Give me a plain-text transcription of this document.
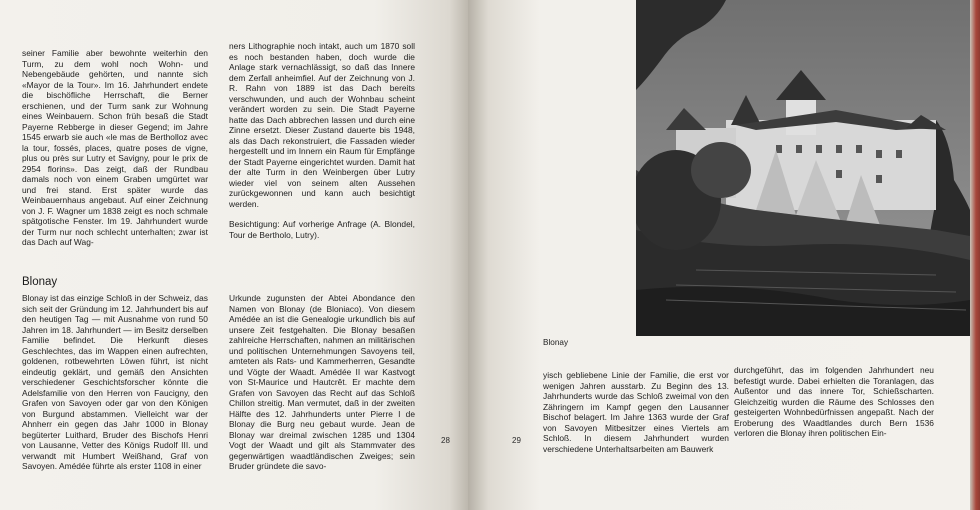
seiner Familie aber bewohnte weiterhin den Turm, zu dem wohl noch Wohn- und Nebengebäude gehörten, und nannte sich «Mayor de la Tour». Im 16. Jahrhundert endete die bischöfliche Herrschaft, die Berner erschienen, und der Turm sank zur Wohnung eines Weinbauern. Schon früh besaß die Stadt Payerne Rebberge in dieser Gegend; im Jahre 1545 erwarb sie auch «le mas de Bertholloz avec la tour, fossés, places, quatre poses de vigne, plus ou près sur Lutry et Savigny, pour le prix de 2954 florins». Das zeigt, daß der Rundbau damals noch von einem Graben umgürtet war und frei stand. Erst später wurde das Weinbauernhaus angebaut. Auf einer Zeichnung von J. F. Wagner um 1838 zeigt es noch schmale spätgotische Fenster. Im 19. Jahrhundert wurde der Turm nur noch schlecht unterhalten; zwar ist das Dach auf Wag-

ners Lithographie noch intakt, auch um 1870 soll es noch bestanden haben, doch wurde die Anlage stark vernachlässigt, so daß das Innere dem Zerfall anheimfiel. Auf der Zeichnung von J. R. Rahn von 1889 ist das Dach bereits verschwunden, und auch der Wohnbau scheint verändert worden zu sein. Die Stadt Payerne hatte das Dach abbrechen lassen und durch eine Zinne ersetzt. Dieser Zustand dauerte bis 1948, als das Dach rekonstruiert, die Fassaden wieder hergestellt und im Innern ein Raum für Empfänge der Stadt Payerne eingerichtet wurden. Damit hat der alte Turm in den Weinbergen über Lutry wieder viel von seinem alten Aussehen zurückgewonnen und kann auch besichtigt werden.

Besichtigung: Auf vorherige Anfrage (A. Blondel, Tour de Bertholo, Lutry).

Blonay

Blonay ist das einzige Schloß in der Schweiz, das sich seit der Gründung im 12. Jahrhundert bis auf den heutigen Tag — mit Ausnahme von rund 50 Jahren im 18. Jahrhundert — im Besitz derselben Familie befindet. Die Herkunft dieses Geschlechtes, das im Wappen einen aufrechten, goldenen, rotbewehrten Löwen führt, ist nicht eindeutig geklärt, und gemäß den Ansichten verschiedener Geschichtsforscher könnte die Adelsfamilie von den Herren von Faucigny, den Grafen von Savoyen oder gar von den Königen von Burgund abstammen. Vielleicht war der Ahnherr ein gegen das Jahr 1000 in Blonay begüterter Luithard, Bruder des Bischofs Henri von Lausanne, Vetter des Königs Rudolf III. und verwandt mit Humbert Weißhand, Graf von Savoyen. Amédée führte als erster 1108 in einer

Urkunde zugunsten der Abtei Abondance den Namen von Blonay (de Bloniaco). Von diesem Amédée an ist die Genealogie urkundlich bis auf unsere Zeit festgehalten. Die Blonay besaßen zahlreiche Herrschaften, nahmen an militärischen und politischen Unternehmungen Savoyens teil, amteten als Rats- und Kammerherren, Gesandte und Vögte der Waadt. Amédée II war Kastvogt von St-Maurice und Hautcrêt. Er machte dem Grafen von Savoyen das Recht auf das Schloß Chillon streitig. Man vermutet, daß in der zweiten Hälfte des 12. Jahrhunderts unter Pierre I de Blonay die Burg neu gebaut wurde. Jean de Blonay war dreimal zwischen 1285 und 1304 Vogt der Waadt und gilt als Stammvater des gegenwärtigen waadtländischen Zweiges; sein Bruder gründete die savo-

28	29
Blonay

yisch gebliebene Linie der Familie, die erst vor wenigen Jahren ausstarb. Zu Beginn des 13. Jahrhunderts wurde das Schloß zweimal von den Zähringern im Kampf gegen den Lausanner Bischof belagert. Im Jahre 1363 wurde der Graf von Savoyen Mitbesitzer eines Viertels am Schloß. In diesem Jahrhundert wurden verschiedene Unterhaltsarbeiten am Bauwerk

durchgeführt, das im folgenden Jahrhundert neu befestigt wurde. Dabei erhielten die Toranlagen, das Außentor und das innere Tor, Schießscharten. Gleichzeitig wurden die Räume des Schlosses den gesteigerten Wohnbedürfnissen angepaßt. Nach der Eroberung des Waadtlandes durch Bern 1536 verloren die Blonay ihren politischen Ein-
